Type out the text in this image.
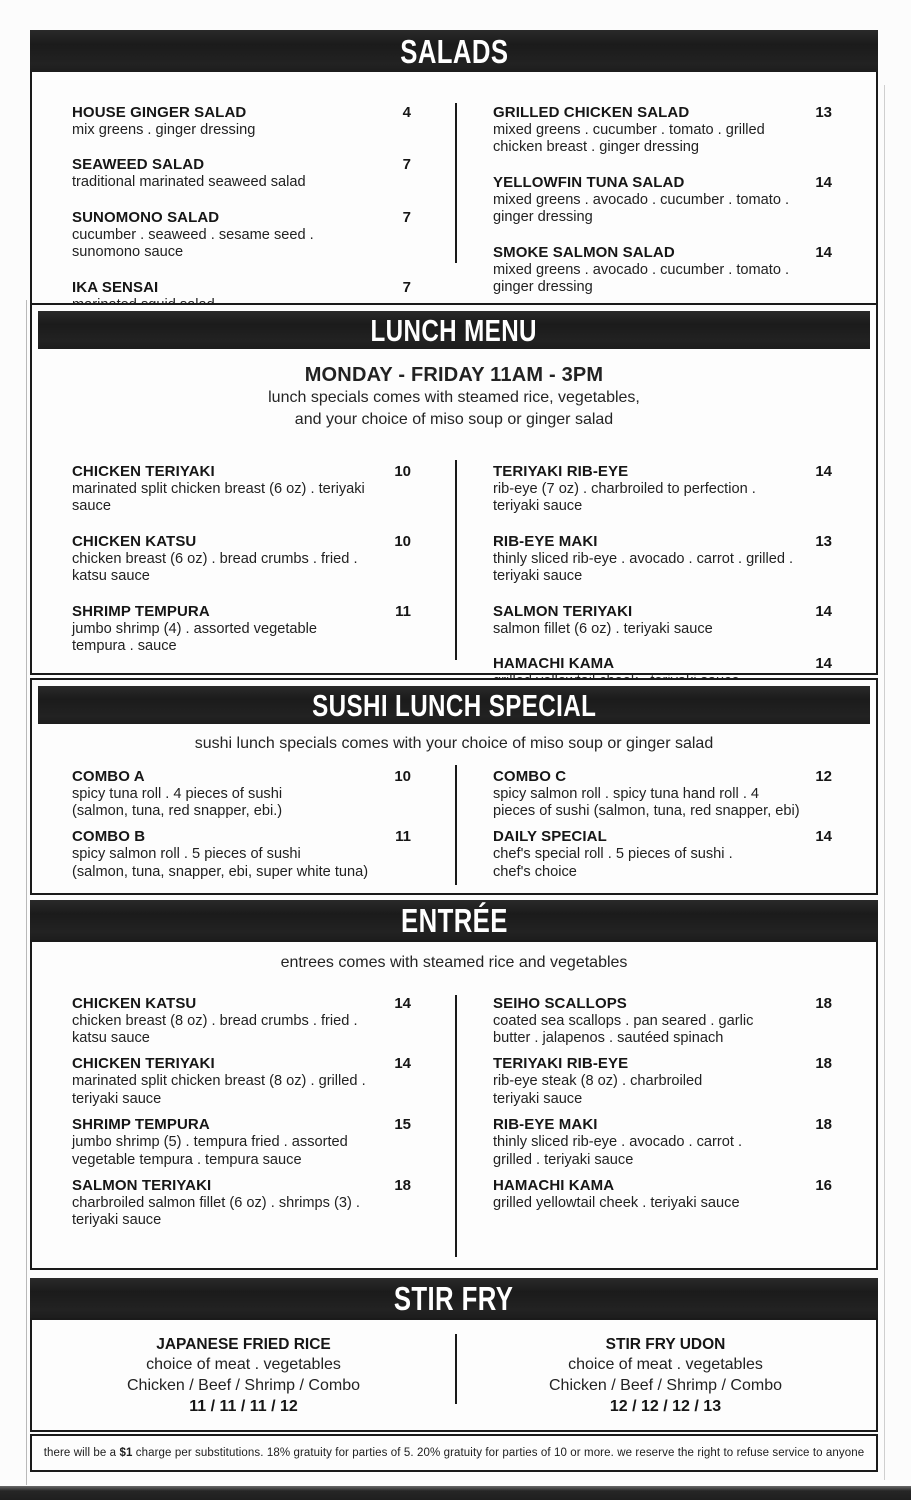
SALADS
HOUSE GINGER SALAD	4
mix greens . ginger dressing
SEAWEED SALAD	7
traditional marinated seaweed salad
SUNOMONO SALAD	7
cucumber . seaweed . sesame seed .
sunomono sauce
IKA SENSAI	7
GRILLED CHICKEN SALAD	13
mixed greens . cucumber . tomato . grilled
chicken breast . ginger dressing
YELLOWFIN TUNA SALAD	14
mixed greens . avocado . cucumber . tomato .
ginger dressing
SMOKE SALMON SALAD	14
mixed greens . avocado . cucumber . tomato .
ginger dressing
LUNCH MENU
MONDAY - FRIDAY 11AM - 3PM
lunch specials comes with steamed rice, vegetables,
and your choice of miso soup or ginger salad
CHICKEN TERIYAKI	10
marinated split chicken breast (6 oz) . teriyaki
sauce
CHICKEN KATSU	10
chicken breast (6 oz) . bread crumbs . fried .
katsu sauce
SHRIMP TEMPURA	11
jumbo shrimp (4) . assorted vegetable
tempura . sauce
TERIYAKI RIB-EYE	14
rib-eye (7 oz) . charbroiled to perfection .
teriyaki sauce
RIB-EYE MAKI	13
thinly sliced rib-eye . avocado . carrot . grilled .
teriyaki sauce
SALMON TERIYAKI	14
salmon fillet (6 oz) . teriyaki sauce
HAMACHI KAMA	14
SUSHI LUNCH SPECIAL
sushi lunch specials comes with your choice of miso soup or ginger salad
COMBO A	10
spicy tuna roll . 4 pieces of sushi
(salmon, tuna, red snapper, ebi.)
COMBO B	11
spicy salmon roll . 5 pieces of sushi
(salmon, tuna, snapper, ebi, super white tuna)
COMBO C	12
spicy salmon roll . spicy tuna hand roll . 4
pieces of sushi (salmon, tuna, red snapper, ebi)
DAILY SPECIAL	14
chef's special roll . 5 pieces of sushi .
chef's choice
ENTRÉE
entrees comes with steamed rice and vegetables
CHICKEN KATSU	14
chicken breast (8 oz) . bread crumbs . fried .
katsu sauce
CHICKEN TERIYAKI	14
marinated split chicken breast (8 oz) . grilled .
teriyaki sauce
SHRIMP TEMPURA	15
jumbo shrimp (5) . tempura fried . assorted
vegetable tempura . tempura sauce
SALMON TERIYAKI	18
charbroiled salmon fillet (6 oz) . shrimps (3) .
teriyaki sauce
SEIHO SCALLOPS	18
coated sea scallops . pan seared . garlic
butter . jalapenos . sautéed spinach
TERIYAKI RIB-EYE	18
rib-eye steak (8 oz) . charbroiled
teriyaki sauce
RIB-EYE MAKI	18
thinly sliced rib-eye . avocado . carrot .
grilled . teriyaki sauce
HAMACHI KAMA	16
grilled yellowtail cheek . teriyaki sauce
STIR FRY
JAPANESE FRIED RICE
choice of meat . vegetables
Chicken / Beef / Shrimp / Combo
11 / 11 / 11 / 12
STIR FRY UDON
choice of meat . vegetables
Chicken / Beef / Shrimp / Combo
12 / 12 / 12 / 13
there will be a $1 charge per substitutions. 18% gratuity for parties of 5. 20% gratuity for parties of 10 or more. we reserve the right to refuse service to anyone
